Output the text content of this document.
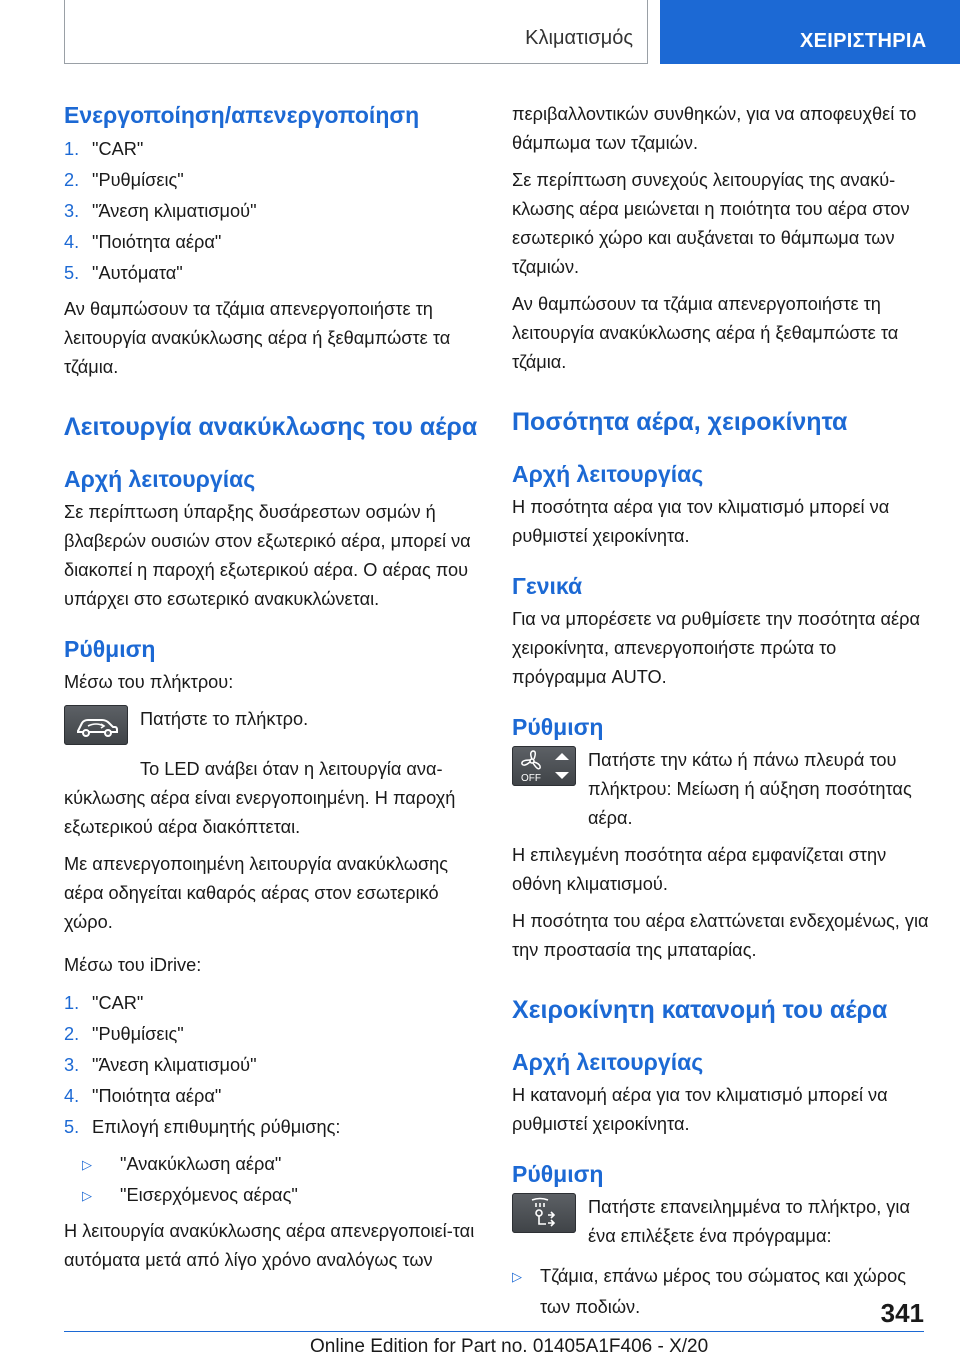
Κλιματισμός	ΧΕΙΡΙΣΤΗΡΙΑ
Ενεργοποίηση/απενεργοποίηση
1. "CAR"
2. "Ρυθμίσεις"
3. "Άνεση κλιματισμού"
4. "Ποιότητα αέρα"
5. "Αυτόματα"

Αν θαμπώσουν τα τζάμια απενεργοποιήστε τη λειτουργία ανακύκλωσης αέρα ή ξεθαμπώστε τα τζάμια.

Λειτουργία ανακύκλωσης του αέρα
Αρχή λειτουργίας

Σε περίπτωση ύπαρξης δυσάρεστων οσμών ή βλαβερών ουσιών στον εξωτερικό αέρα, μπορεί να διακοπεί η παροχή εξωτερικού αέρα. Ο αέρας που υπάρχει στο εσωτερικό ανακυκλώνεται.

Ρύθμιση

Μέσω του πλήκτρου:

Πατήστε το πλήκτρο.

Το LED ανάβει όταν η λειτουργία ανα-κύκλωσης αέρα είναι ενεργοποιημένη. Η παροχή εξωτερικού αέρα διακόπτεται.

Με απενεργοποιημένη λειτουργία ανακύκλωσης αέρα οδηγείται καθαρός αέρας στον εσωτερικό χώρο.

Μέσω του iDrive:

1. "CAR"
2. "Ρυθμίσεις"
3. "Άνεση κλιματισμού"
4. "Ποιότητα αέρα"
5. Επιλογή επιθυμητής ρύθμισης:
▷ "Ανακύκλωση αέρα"
▷ "Εισερχόμενος αέρας"

Η λειτουργία ανακύκλωσης αέρα απενεργοποιεί-ται αυτόματα μετά από λίγο χρόνο αναλόγως των

περιβαλλοντικών συνθηκών, για να αποφευχθεί το θάμπωμα των τζαμιών.

Σε περίπτωση συνεχούς λειτουργίας της ανακύ-κλωσης αέρα μειώνεται η ποιότητα του αέρα στον εσωτερικό χώρο και αυξάνεται το θάμπωμα των τζαμιών.

Αν θαμπώσουν τα τζάμια απενεργοποιήστε τη λειτουργία ανακύκλωσης αέρα ή ξεθαμπώστε τα τζάμια.

Ποσότητα αέρα, χειροκίνητα
Αρχή λειτουργίας

Η ποσότητα αέρα για τον κλιματισμό μπορεί να ρυθμιστεί χειροκίνητα.

Γενικά

Για να μπορέσετε να ρυθμίσετε την ποσότητα αέρα χειροκίνητα, απενεργοποιήστε πρώτα το πρόγραμμα AUTO.

Ρύθμιση
OFF

Πατήστε την κάτω ή πάνω πλευρά του πλήκτρου: Μείωση ή αύξηση ποσότητας αέρα.

Η επιλεγμένη ποσότητα αέρα εμφανίζεται στην οθόνη κλιματισμού.

Η ποσότητα του αέρα ελαττώνεται ενδεχομένως, για την προστασία της μπαταρίας.

Χειροκίνητη κατανομή του αέρα
Αρχή λειτουργίας

Η κατανομή αέρα για τον κλιματισμό μπορεί να ρυθμιστεί χειροκίνητα.

Ρύθμιση

Πατήστε επανειλημμένα το πλήκτρο, για ένα επιλέξετε ένα πρόγραμμα:

▷ Τζάμια, επάνω μέρος του σώματος και χώρος των ποδιών.	341
Online Edition for Part no. 01405A1F406 - X/20
